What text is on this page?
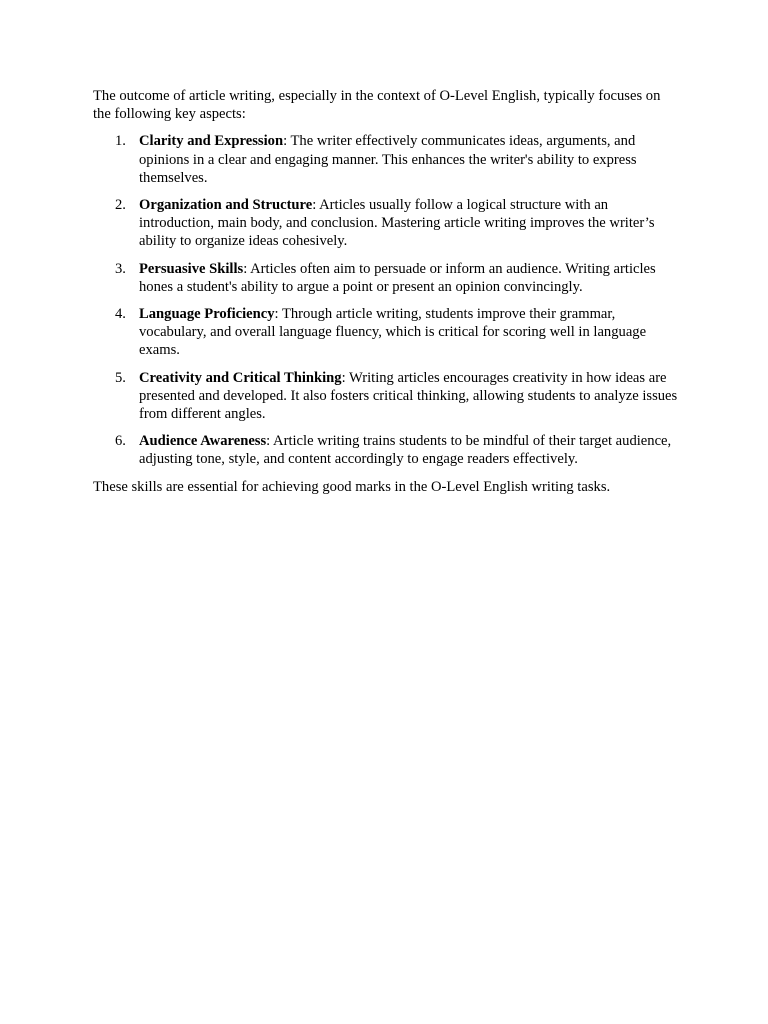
The outcome of article writing, especially in the context of O-Level English, typically focuses on the following key aspects:

1. Clarity and Expression: The writer effectively communicates ideas, arguments, and opinions in a clear and engaging manner. This enhances the writer's ability to express themselves.
2. Organization and Structure: Articles usually follow a logical structure with an introduction, main body, and conclusion. Mastering article writing improves the writer’s ability to organize ideas cohesively.
3. Persuasive Skills: Articles often aim to persuade or inform an audience. Writing articles hones a student's ability to argue a point or present an opinion convincingly.
4. Language Proficiency: Through article writing, students improve their grammar, vocabulary, and overall language fluency, which is critical for scoring well in language exams.
5. Creativity and Critical Thinking: Writing articles encourages creativity in how ideas are presented and developed. It also fosters critical thinking, allowing students to analyze issues from different angles.
6. Audience Awareness: Article writing trains students to be mindful of their target audience, adjusting tone, style, and content accordingly to engage readers effectively.

These skills are essential for achieving good marks in the O-Level English writing tasks.
